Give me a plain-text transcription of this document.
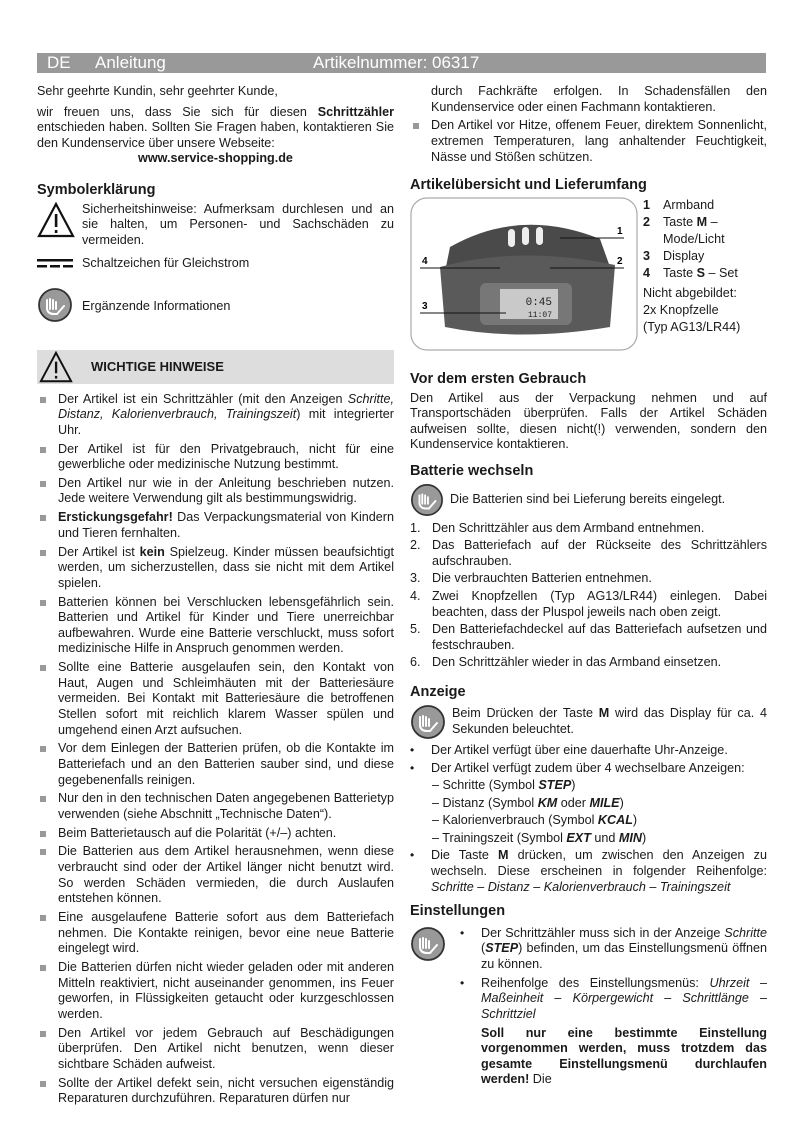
DE Anleitung	Artikelnummer: 06317

Sehr geehrte Kundin, sehr geehrter Kunde,

wir freuen uns, dass Sie sich für diesen Schrittzähler entschieden haben. Sollten Sie Fragen haben, kontaktieren Sie den Kundenservice über unsere Webseite:

www.service-shopping.de

Symbolerklärung

Sicherheitshinweise: Aufmerksam durchlesen und an sie halten, um Personen- und Sachschäden zu vermeiden.

Schaltzeichen für Gleichstrom

Ergänzende Informationen

WICHTIGE HINWEISE
Der Artikel ist ein Schrittzähler (mit den Anzeigen Schritte, Distanz, Kalorienverbrauch, Trainingszeit) mit integrierter Uhr.
Der Artikel ist für den Privatgebrauch, nicht für eine gewerbliche oder medizinische Nutzung bestimmt.
Den Artikel nur wie in der Anleitung beschrieben nutzen. Jede weitere Verwendung gilt als bestimmungswidrig.
Erstickungsgefahr! Das Verpackungsmaterial von Kindern und Tieren fernhalten.
Der Artikel ist kein Spielzeug. Kinder müssen beaufsichtigt werden, um sicherzustellen, dass sie nicht mit dem Artikel spielen.
Batterien können bei Verschlucken lebensgefährlich sein. Batterien und Artikel für Kinder und Tiere unerreichbar aufbewahren. Wurde eine Batterie verschluckt, muss sofort medizinische Hilfe in Anspruch genommen werden.
Sollte eine Batterie ausgelaufen sein, den Kontakt von Haut, Augen und Schleimhäuten mit der Batteriesäure vermeiden. Bei Kontakt mit Batteriesäure die betroffenen Stellen sofort mit reichlich klarem Wasser spülen und umgehend einen Arzt aufsuchen.
Vor dem Einlegen der Batterien prüfen, ob die Kontakte im Batteriefach und an den Batterien sauber sind, und diese gegebenenfalls reinigen.
Nur den in den technischen Daten angegebenen Batterietyp verwenden (siehe Abschnitt „Technische Daten“).
Beim Batterietausch auf die Polarität (+/–) achten.
Die Batterien aus dem Artikel herausnehmen, wenn diese verbraucht sind oder der Artikel länger nicht benutzt wird. So werden Schäden vermieden, die durch Auslaufen entstehen können.
Eine ausgelaufene Batterie sofort aus dem Batteriefach nehmen. Die Kontakte reinigen, bevor eine neue Batterie eingelegt wird.
Die Batterien dürfen nicht wieder geladen oder mit anderen Mitteln reaktiviert, nicht auseinander genommen, ins Feuer geworfen, in Flüssigkeiten getaucht oder kurzgeschlossen werden.
Den Artikel vor jedem Gebrauch auf Beschädigungen überprüfen. Den Artikel nicht benutzen, wenn dieser sichtbare Schäden aufweist.
Sollte der Artikel defekt sein, nicht versuchen eigenständig Reparaturen durchzuführen. Reparaturen dürfen nur
durch Fachkräfte erfolgen. In Schadensfällen den Kundenservice oder einen Fachmann kontaktieren.
Den Artikel vor Hitze, offenem Feuer, direktem Sonnenlicht, extremen Temperaturen, lang anhaltender Feuchtigkeit, Nässe und Stößen schützen.
Artikelübersicht und Lieferumfang
0:45
11:07
1
2
3
4
1	Armband
2	Taste M – Mode/Licht
3	Display
4	Taste S – Set
Nicht abgebildet:
2x Knopfzelle
(Typ AG13/LR44)
Vor dem ersten Gebrauch

Den Artikel aus der Verpackung nehmen und auf Transportschäden überprüfen. Falls der Artikel Schäden aufweisen sollte, diesen nicht(!) verwenden, sondern den Kundenservice kontaktieren.

Batterie wechseln
Die Batterien sind bei Lieferung bereits eingelegt.
1. Den Schrittzähler aus dem Armband entnehmen.
2. Das Batteriefach auf der Rückseite des Schrittzählers aufschrauben.
3. Die verbrauchten Batterien entnehmen.
4. Zwei Knopfzellen (Typ AG13/LR44) einlegen. Dabei beachten, dass der Pluspol jeweils nach oben zeigt.
5. Den Batteriefachdeckel auf das Batteriefach aufsetzen und festschrauben.
6. Den Schrittzähler wieder in das Armband einsetzen.
Anzeige

Beim Drücken der Taste M wird das Display für ca. 4 Sekunden beleuchtet.

• Der Artikel verfügt über eine dauerhafte Uhr-Anzeige.
• Der Artikel verfügt zudem über 4 wechselbare Anzeigen:
– Schritte (Symbol STEP)
– Distanz (Symbol KM oder MILE)
– Kalorienverbrauch (Symbol KCAL)
– Trainingszeit (Symbol EXT und MIN)
• Die Taste M drücken, um zwischen den Anzeigen zu wechseln. Diese erscheinen in folgender Reihenfolge: Schritte – Distanz – Kalorienverbrauch – Trainingszeit
Einstellungen
• Der Schrittzähler muss sich in der Anzeige Schritte (STEP) befinden, um das Einstellungsmenü öffnen zu können.
• Reihenfolge des Einstellungsmenüs: Uhrzeit – Maßeinheit – Körpergewicht – Schrittlänge – Schrittziel

Soll nur eine bestimmte Einstellung vorgenommen werden, muss trotzdem das gesamte Einstellungsmenü durchlaufen werden! Die
